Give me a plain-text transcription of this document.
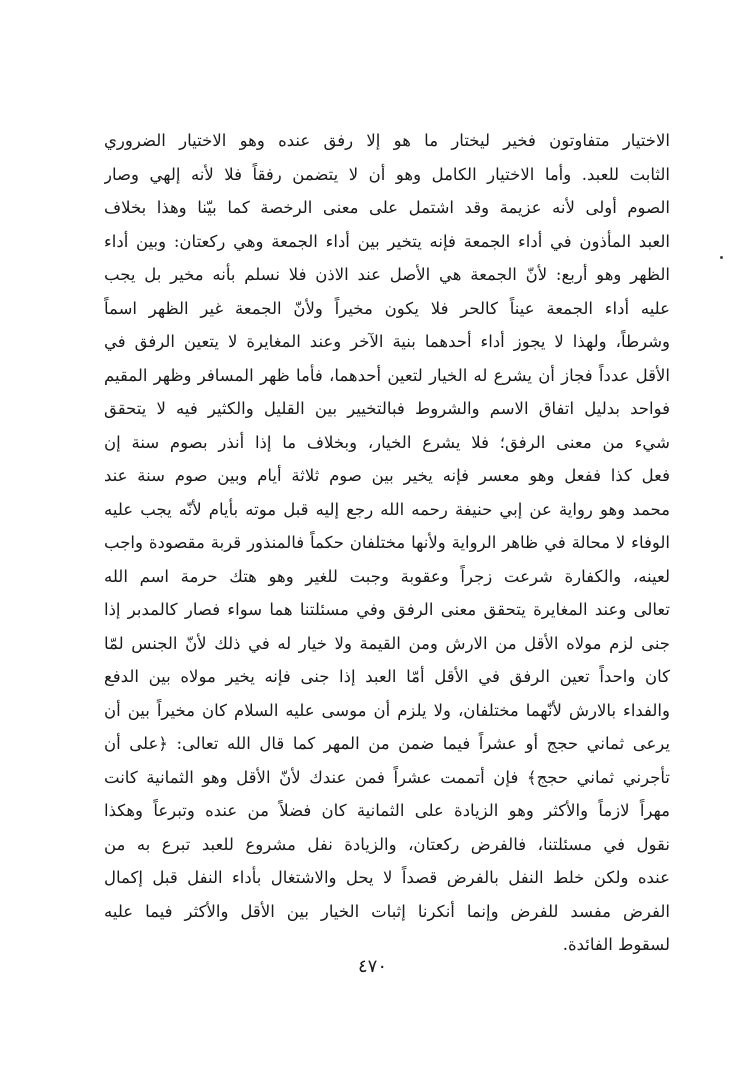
الاختيار متفاوتون فخير ليختار ما هو إلا رفق عنده وهو الاختيار الضروري
الثابت للعبد. وأما الاختيار الكامل وهو أن لا يتضمن رفقاً فلا لأنه إلهي وصار
الصوم أولى لأنه عزيمة وقد اشتمل على معنى الرخصة كما بيّنا وهذا بخلاف
العبد المأذون في أداء الجمعة فإنه يتخير بين أداء الجمعة وهي ركعتان: وبين أداء
الظهر وهو أربع: لأنّ الجمعة هي الأصل عند الاذن فلا نسلم بأنه مخير بل يجب
عليه أداء الجمعة عيناً كالحر فلا يكون مخيراً ولأنّ الجمعة غير الظهر اسماً
وشرطاً، ولهذا لا يجوز أداء أحدهما بنية الآخر وعند المغايرة لا يتعين الرفق في
الأقل عدداً فجاز أن يشرع له الخيار لتعين أحدهما، فأما ظهر المسافر وظهر المقيم
فواحد بدليل اتفاق الاسم والشروط فبالتخيير بين القليل والكثير فيه لا يتحقق
شيء من معنى الرفق؛ فلا يشرع الخيار، وبخلاف ما إذا أنذر بصوم سنة إن
فعل كذا ففعل وهو معسر فإنه يخير بين صوم ثلاثة أيام وبين صوم سنة عند
محمد وهو رواية عن إبي حنيفة رحمه الله رجع إليه قبل موته بأيام لأنّه يجب عليه
الوفاء لا محالة في ظاهر الرواية ولأنها مختلفان حكماً فالمنذور قربة مقصودة واجب
لعينه، والكفارة شرعت زجراً وعقوبة وجبت للغير وهو هتك حرمة اسم الله
تعالى وعند المغايرة يتحقق معنى الرفق وفي مسئلتنا هما سواء فصار كالمدبر إذا
جنى لزم مولاه الأقل من الارش ومن القيمة ولا خيار له في ذلك لأنّ الجنس لمّا
كان واحداً تعين الرفق في الأقل أمّا العبد إذا جنى فإنه يخير مولاه بين الدفع
والفداء بالارش لأنّهما مختلفان، ولا يلزم أن موسى عليه السلام كان مخيراً بين أن
يرعى ثماني حجج أو عشراً فيما ضمن من المهر كما قال الله تعالى: ﴿على أن
تأجرني ثماني حجج﴾ فإن أتممت عشراً فمن عندك لأنّ الأقل وهو الثمانية كانت
مهراً لازماً والأكثر وهو الزيادة على الثمانية كان فضلاً من عنده وتبرعاً وهكذا
نقول في مسئلتنا، فالفرض ركعتان، والزيادة نفل مشروع للعبد تبرع به من
عنده ولكن خلط النفل بالفرض قصداً لا يحل والاشتغال بأداء النفل قبل إكمال
الفرض مفسد للفرض وإنما أنكرنا إثبات الخيار بين الأقل والأكثر فيما عليه
لسقوط الفائدة.
٤٧٠
